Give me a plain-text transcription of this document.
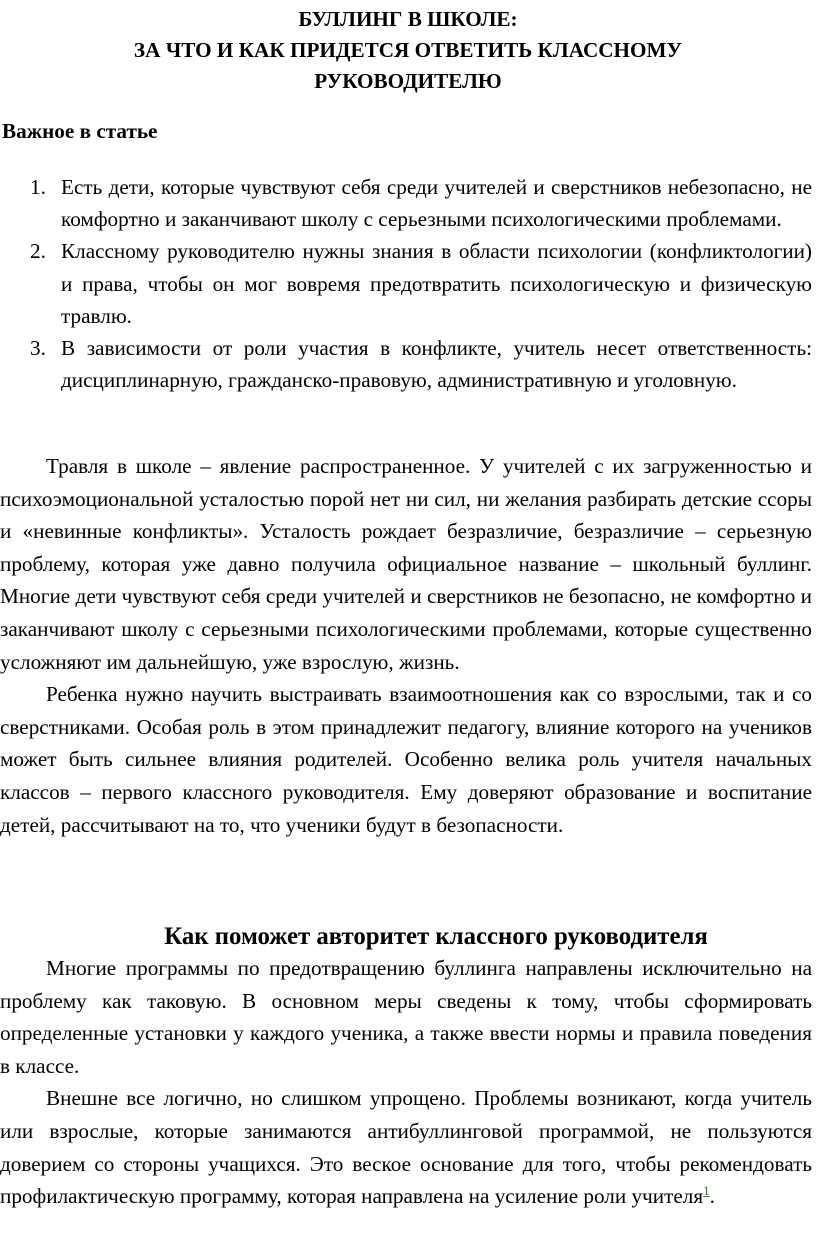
БУЛЛИНГ В ШКОЛЕ:
ЗА ЧТО И КАК ПРИДЕТСЯ ОТВЕТИТЬ КЛАССНОМУ
РУКОВОДИТЕЛЮ
Важное в статье
1. Есть дети, которые чувствуют себя среди учителей и сверстников небезопасно, не комфортно и заканчивают школу с серьезными психологическими проблемами.
2. Классному руководителю нужны знания в области психологии (конфликтологии) и права, чтобы он мог вовремя предотвратить психологическую и физическую травлю.
3. В зависимости от роли участия в конфликте, учитель несет ответственность: дисциплинарную, гражданско-правовую, административную и уголовную.

Травля в школе – явление распространенное. У учителей с их загруженностью и психоэмоциональной усталостью порой нет ни сил, ни желания разбирать детские ссоры и «невинные конфликты». Усталость рождает безразличие, безразличие – серьезную проблему, которая уже давно получила официальное название – школьный буллинг. Многие дети чувствуют себя среди учителей и сверстников не безопасно, не комфортно и заканчивают школу с серьезными психологическими проблемами, которые существенно усложняют им дальнейшую, уже взрослую, жизнь.

Ребенка нужно научить выстраивать взаимоотношения как со взрослыми, так и со сверстниками. Особая роль в этом принадлежит педагогу, влияние которого на учеников может быть сильнее влияния родителей. Особенно велика роль учителя начальных классов – первого классного руководителя. Ему доверяют образование и воспитание детей, рассчитывают на то, что ученики будут в безопасности.

Как поможет авторитет классного руководителя

Многие программы по предотвращению буллинга направлены исключительно на проблему как таковую. В основном меры сведены к тому, чтобы сформировать определенные установки у каждого ученика, а также ввести нормы и правила поведения в классе.

Внешне все логично, но слишком упрощено. Проблемы возникают, когда учитель или взрослые, которые занимаются антибуллинговой программой, не пользуются доверием со стороны учащихся. Это веское основание для того, чтобы рекомендовать профилактическую программу, которая направлена на усиление роли учителя$^1$.
